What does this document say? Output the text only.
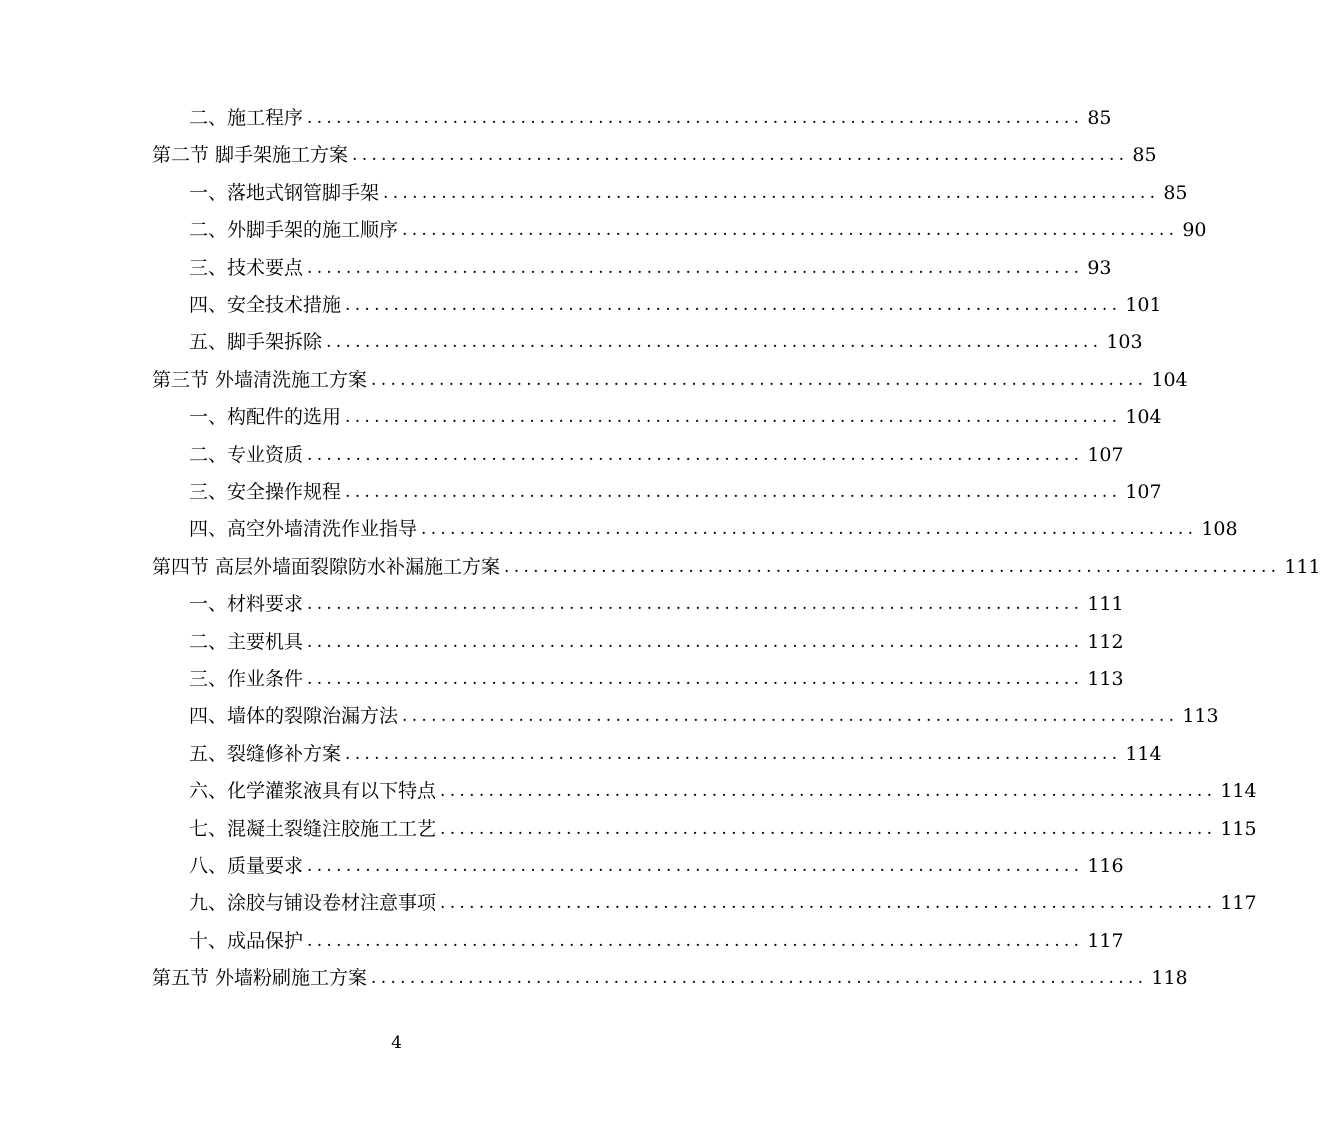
二、施工程序 ................................................................................ 85
第二节 脚手架施工方案 ................................................................................ 85
一、落地式钢管脚手架 ................................................................................ 85
二、外脚手架的施工顺序 ................................................................................ 90
三、技术要点 ................................................................................ 93
四、安全技术措施 ................................................................................ 101
五、脚手架拆除 ................................................................................ 103
第三节 外墙清洗施工方案 ................................................................................ 104
一、构配件的选用 ................................................................................ 104
二、专业资质 ................................................................................ 107
三、安全操作规程 ................................................................................ 107
四、高空外墙清洗作业指导 ................................................................................ 108
第四节 高层外墙面裂隙防水补漏施工方案 ................................................................................ 111
一、材料要求 ................................................................................ 111
二、主要机具 ................................................................................ 112
三、作业条件 ................................................................................ 113
四、墙体的裂隙治漏方法 ................................................................................ 113
五、裂缝修补方案 ................................................................................ 114
六、化学灌浆液具有以下特点 ................................................................................ 114
七、混凝土裂缝注胶施工工艺 ................................................................................ 115
八、质量要求 ................................................................................ 116
九、涂胶与铺设卷材注意事项 ................................................................................ 117
十、成品保护 ................................................................................ 117
第五节 外墙粉刷施工方案 ................................................................................ 118
4
